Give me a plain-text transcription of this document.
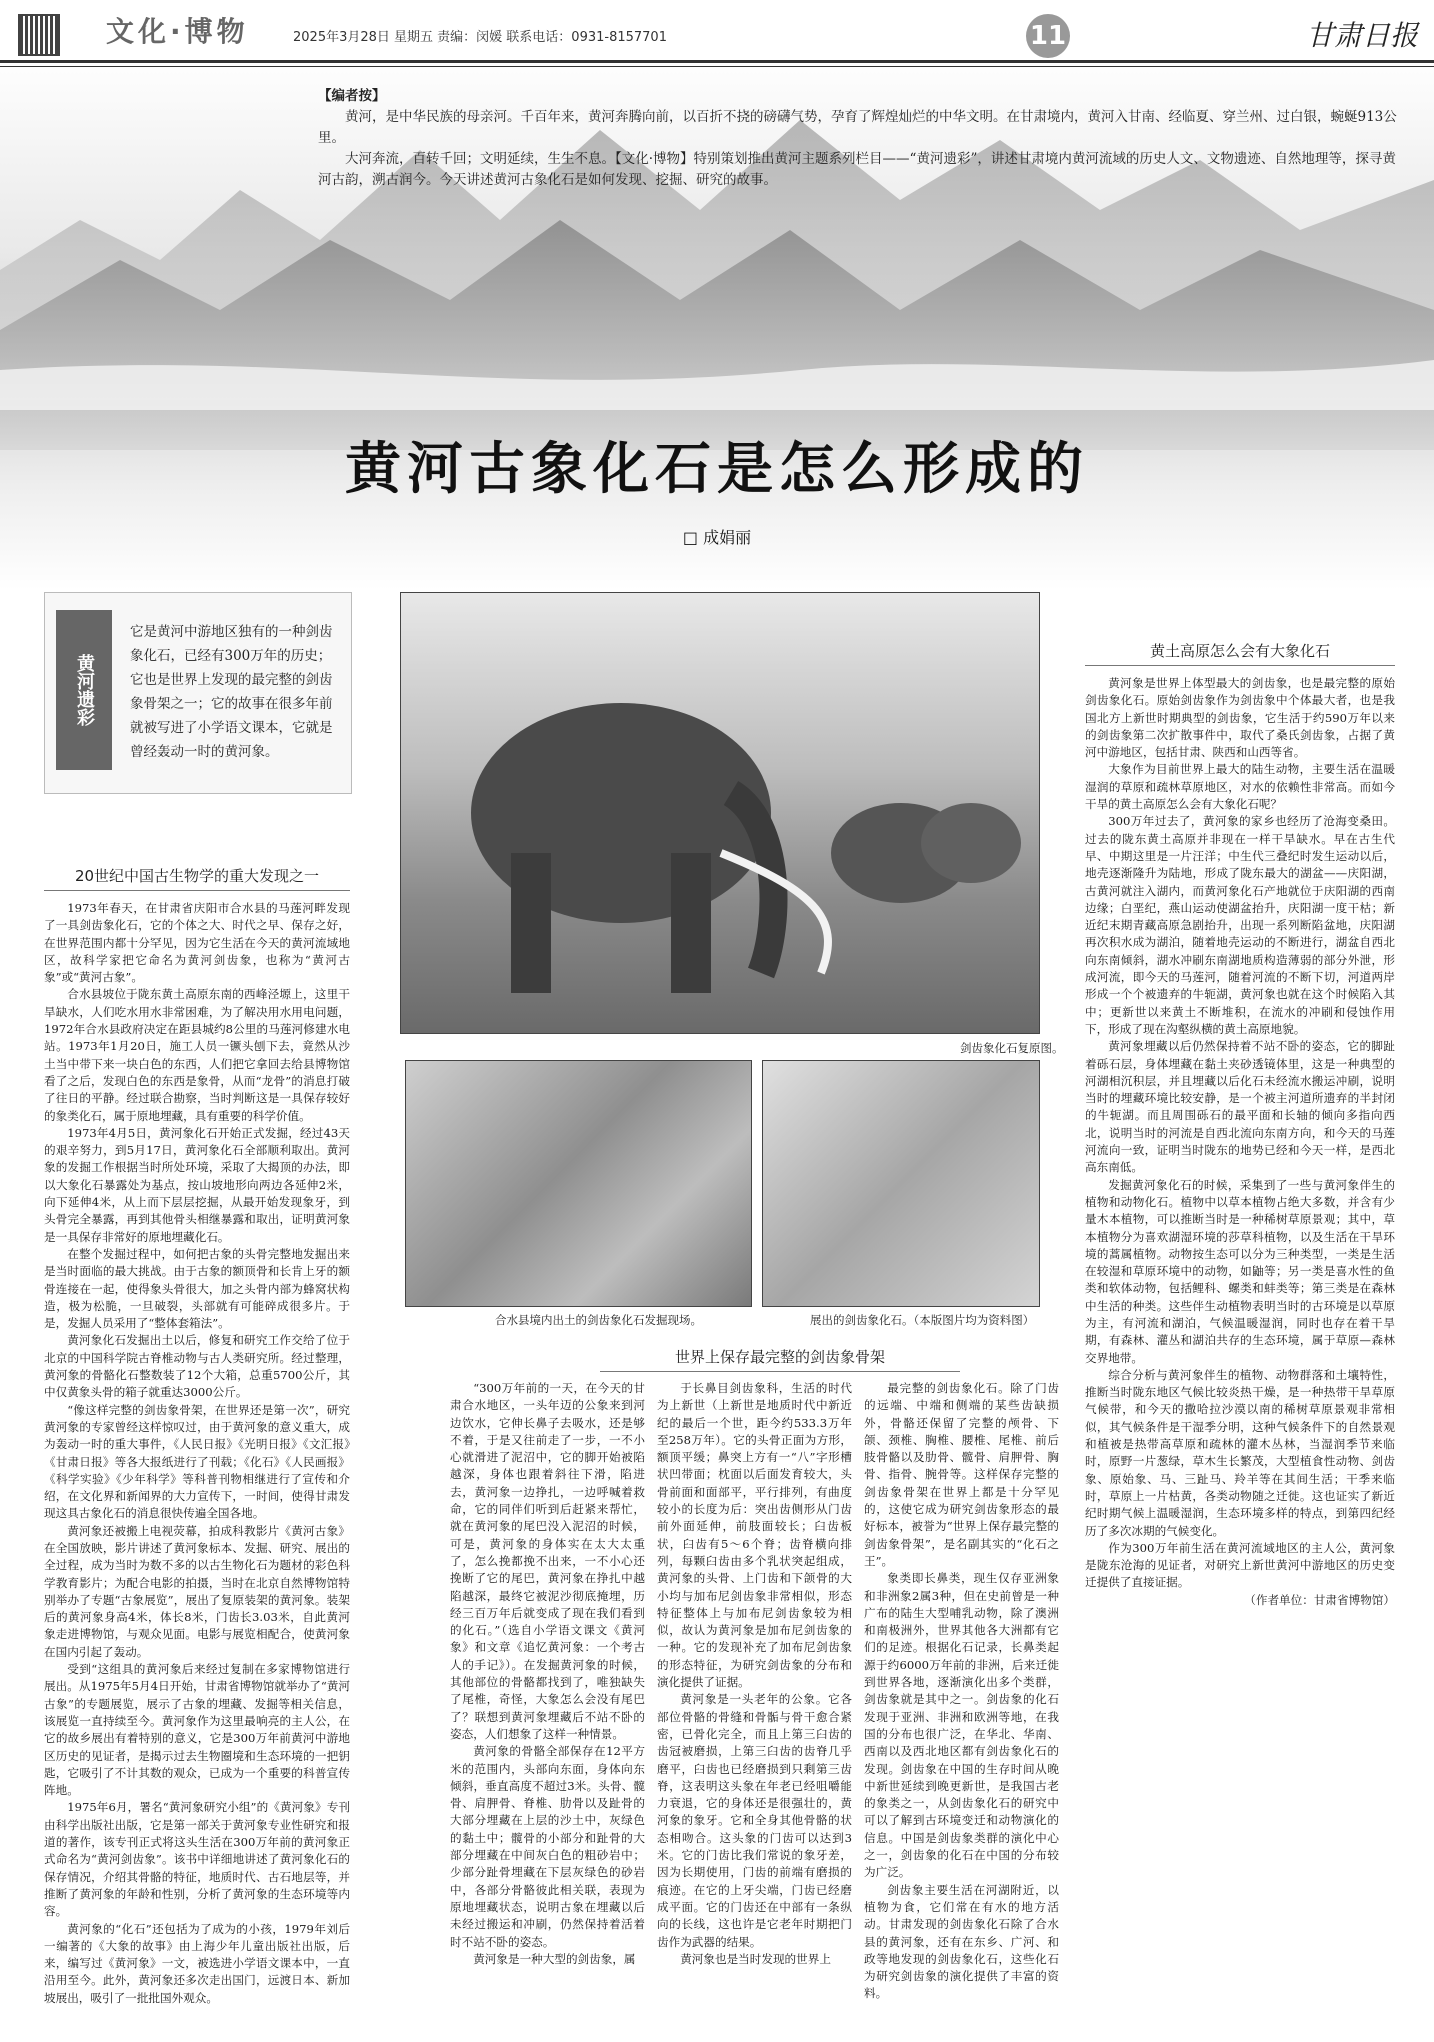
文化·博物	2025年3月28日 星期五 责编：闵媛 联系电话：0931-8157701	11	甘肃日报
【编者按】

黄河，是中华民族的母亲河。千百年来，黄河奔腾向前，以百折不挠的磅礴气势，孕育了辉煌灿烂的中华文明。在甘肃境内，黄河入甘南、经临夏、穿兰州、过白银，蜿蜒913公里。

大河奔流，百转千回；文明延续，生生不息。【文化·博物】特别策划推出黄河主题系列栏目——“黄河遗彩”，讲述甘肃境内黄河流域的历史人文、文物遗迹、自然地理等，探寻黄河古韵，溯古润今。今天讲述黄河古象化石是如何发现、挖掘、研究的故事。

黄河古象化石是怎么形成的
□ 成娟丽
黄河遗彩
它是黄河中游地区独有的一种剑齿象化石，已经有300万年的历史；它也是世界上发现的最完整的剑齿象骨架之一；它的故事在很多年前就被写进了小学语文课本，它就是曾经轰动一时的黄河象。
20世纪中国古生物学的重大发现之一

1973年春天，在甘肃省庆阳市合水县的马莲河畔发现了一具剑齿象化石，它的个体之大、时代之早、保存之好，在世界范围内都十分罕见，因为它生活在今天的黄河流域地区，故科学家把它命名为黄河剑齿象，也称为“黄河古象”或“黄河古象”。

合水县坡位于陇东黄土高原东南的西峰泾塬上，这里干旱缺水，人们吃水用水非常困难，为了解决用水用电问题，1972年合水县政府决定在距县城约8公里的马莲河修建水电站。1973年1月20日，施工人员一镢头刨下去，竟然从沙土当中带下来一块白色的东西，人们把它拿回去给县博物馆看了之后，发现白色的东西是象骨，从而“龙骨”的消息打破了往日的平静。经过联合勘察，当时判断这是一具保存较好的象类化石，属于原地埋藏，具有重要的科学价值。

1973年4月5日，黄河象化石开始正式发掘，经过43天的艰辛努力，到5月17日，黄河象化石全部顺利取出。黄河象的发掘工作根据当时所处环境，采取了大揭顶的办法，即以大象化石暴露处为基点，按山坡地形向两边各延伸2米，向下延伸4米，从上而下层层挖掘，从最开始发现象牙，到头骨完全暴露，再到其他骨头相继暴露和取出，证明黄河象是一具保存非常好的原地埋藏化石。

在整个发掘过程中，如何把古象的头骨完整地发掘出来是当时面临的最大挑战。由于古象的额顶骨和长肯上牙的额骨连接在一起，使得象头骨很大，加之头骨内部为蜂窝状构造，极为松脆，一旦破裂，头部就有可能碎成很多片。于是，发掘人员采用了“整体套箱法”。

黄河象化石发掘出土以后，修复和研究工作交给了位于北京的中国科学院古脊椎动物与古人类研究所。经过整理，黄河象的骨骼化石整数装了12个大箱，总重5700公斤，其中仅黄象头骨的箱子就重达3000公斤。

“像这样完整的剑齿象骨架，在世界还是第一次”，研究黄河象的专家曾经这样惊叹过，由于黄河象的意义重大，成为轰动一时的重大事件，《人民日报》《光明日报》《文汇报》《甘肃日报》等各大报纸进行了刊载；《化石》《人民画报》《科学实验》《少年科学》等科普刊物相继进行了宣传和介绍，在文化界和新闻界的大力宣传下，一时间，使得甘肃发现这具古象化石的消息很快传遍全国各地。

黄河象还被搬上电视荧幕，拍成科教影片《黄河古象》在全国放映，影片讲述了黄河象标本、发掘、研究、展出的全过程，成为当时为数不多的以古生物化石为题材的彩色科学教育影片；为配合电影的拍摄，当时在北京自然博物馆特别举办了专题“古象展览”，展出了复原装架的黄河象。装架后的黄河象身高4米，体长8米，门齿长3.03米，自此黄河象走进博物馆，与观众见面。电影与展览相配合，使黄河象在国内引起了轰动。

受到“这组具的黄河象后来经过复制在多家博物馆进行展出。从1975年5月4日开始，甘肃省博物馆就举办了“黄河古象”的专题展览，展示了古象的埋藏、发掘等相关信息，该展览一直持续至今。黄河象作为这里最响亮的主人公，在它的故乡展出有着特别的意义，它是300万年前黄河中游地区历史的见证者，是揭示过去生物圈境和生态环境的一把钥匙，它吸引了不计其数的观众，已成为一个重要的科普宣传阵地。

1975年6月，署名“黄河象研究小组”的《黄河象》专刊由科学出版社出版，它是第一部关于黄河象专业性研究和报道的著作，该专刊正式将这头生活在300万年前的黄河象正式命名为“黄河剑齿象”。该书中详细地讲述了黄河象化石的保存情况，介绍其骨骼的特征，地质时代、古石地层等，并推断了黄河象的年龄和性别，分析了黄河象的生态环境等内容。

黄河象的“化石”还包括为了成为的小孩，1979年刘后一编著的《大象的故事》由上海少年儿童出版社出版，后来，编写过《黄河象》一文，被选进小学语文课本中，一直沿用至今。此外，黄河象还多次走出国门，远渡日本、新加坡展出，吸引了一批批国外观众。

剑齿象化石复原图。
合水县境内出土的剑齿象化石发掘现场。	展出的剑齿象化石。（本版图片均为资料图）
世界上保存最完整的剑齿象骨架

“300万年前的一天，在今天的甘肃合水地区，一头年迈的公象来到河边饮水，它伸长鼻子去吸水，还是够不着，于是又往前走了一步，一不小心就滑进了泥沼中，它的脚开始被陷越深，身体也跟着斜往下滑，陷进去，黄河象一边挣扎，一边呼喊着救命，它的同伴们听到后赶紧来帮忙，就在黄河象的尾巴没入泥沼的时候，可是，黄河象的身体实在太大太重了，怎么挽都挽不出来，一不小心还挽断了它的尾巴，黄河象在挣扎中越陷越深，最终它被泥沙彻底掩埋，历经三百万年后就变成了现在我们看到的化石。”（选自小学语文课文《黄河象》和文章《追忆黄河象：一个考古人的手记》）。在发掘黄河象的时候，其他部位的骨骼都找到了，唯独缺失了尾椎，奇怪，大象怎么会没有尾巴了？联想到黄河象埋藏后不站不卧的姿态，人们想象了这样一种情景。

黄河象的骨骼全部保存在12平方米的范围内，头部向东面，身体向东倾斜，垂直高度不超过3米。头骨、髋骨、肩胛骨、脊椎、肋骨以及趾骨的大部分埋藏在上层的沙土中，灰绿色的黏土中；髋骨的小部分和趾骨的大部分埋藏在中间灰白色的粗砂岩中；少部分趾骨埋藏在下层灰绿色的砂岩中，各部分骨骼彼此相关联，表现为原地埋藏状态，说明古象在埋藏以后未经过搬运和冲刷，仍然保持着活着时不站不卧的姿态。

黄河象是一种大型的剑齿象，属

于长鼻目剑齿象科，生活的时代为上新世（上新世是地质时代中新近纪的最后一个世，距今约533.3万年至258万年）。它的头骨正面为方形，额顶平缓；鼻突上方有一“八”字形槽状凹带面；枕面以后面发育较大，头骨前面和面部平，平行排列，有曲度较小的长度为后：突出齿侧形从门齿前外面延伸，前肢面较长；臼齿板状，臼齿有5～6个脊；齿脊横向排列，每颗臼齿由多个乳状突起组成，黄河象的头骨、上门齿和下颌骨的大小均与加布尼剑齿象非常相似，形态特征整体上与加布尼剑齿象较为相似，故认为黄河象是加布尼剑齿象的一种。它的发现补充了加布尼剑齿象的形态特征，为研究剑齿象的分布和演化提供了证据。

黄河象是一头老年的公象。它各部位骨骼的骨缝和骨骺与骨干愈合紧密，已骨化完全，而且上第三臼齿的齿冠被磨损，上第三臼齿的齿脊几乎磨平，臼齿也已经磨损到只剩第三齿脊，这表明这头象在年老已经咀嚼能力衰退，它的身体还是很强壮的，黄河象的象牙。它和全身其他骨骼的状态相吻合。这头象的门齿可以达到3米。它的门齿比我们常说的象牙差，因为长期使用，门齿的前端有磨损的痕迹。在它的上牙尖端，门齿已经磨成平面。它的门齿还在中部有一条纵向的长线，这也许是它老年时期把门齿作为武器的结果。

黄河象也是当时发现的世界上

最完整的剑齿象化石。除了门齿的远端、中端和侧端的某些齿缺损外，骨骼还保留了完整的颅骨、下颌、颈椎、胸椎、腰椎、尾椎、前后肢骨骼以及肋骨、髋骨、肩胛骨、胸骨、指骨、腕骨等。这样保存完整的剑齿象骨架在世界上都是十分罕见的，这使它成为研究剑齿象形态的最好标本，被誉为“世界上保存最完整的剑齿象骨架”，是名副其实的“化石之王”。

象类即长鼻类，现生仅存亚洲象和非洲象2属3种，但在史前曾是一种广布的陆生大型哺乳动物，除了澳洲和南极洲外，世界其他各大洲都有它们的足迹。根据化石记录，长鼻类起源于约6000万年前的非洲，后来迁徙到世界各地，逐渐演化出多个类群，剑齿象就是其中之一。剑齿象的化石发现于亚洲、非洲和欧洲等地，在我国的分布也很广泛，在华北、华南、西南以及西北地区都有剑齿象化石的发现。剑齿象在中国的生存时间从晚中新世延续到晚更新世，是我国古老的象类之一，从剑齿象化石的研究中可以了解到古环境变迁和动物演化的信息。中国是剑齿象类群的演化中心之一，剑齿象的化石在中国的分布较为广泛。

剑齿象主要生活在河湖附近，以植物为食，它们常在有水的地方活动。甘肃发现的剑齿象化石除了合水县的黄河象，还有在东乡、广河、和政等地发现的剑齿象化石，这些化石为研究剑齿象的演化提供了丰富的资料。

黄土高原怎么会有大象化石

黄河象是世界上体型最大的剑齿象，也是最完整的原始剑齿象化石。原始剑齿象作为剑齿象中个体最大者，也是我国北方上新世时期典型的剑齿象，它生活于约590万年以来的剑齿象第二次扩散事件中，取代了桑氏剑齿象，占据了黄河中游地区，包括甘肃、陕西和山西等省。

大象作为目前世界上最大的陆生动物，主要生活在温暖湿润的草原和疏林草原地区，对水的依赖性非常高。而如今干旱的黄土高原怎么会有大象化石呢？

300万年过去了，黄河象的家乡也经历了沧海变桑田。过去的陇东黄土高原并非现在一样干旱缺水。早在古生代早、中期这里是一片汪洋；中生代三叠纪时发生运动以后，地壳逐渐隆升为陆地，形成了陇东最大的湖盆——庆阳湖，古黄河就注入湖内，而黄河象化石产地就位于庆阳湖的西南边缘；白垩纪，燕山运动使湖盆抬升，庆阳湖一度干枯；新近纪末期青藏高原急剧抬升，出现一系列断陷盆地，庆阳湖再次积水成为湖泊，随着地壳运动的不断进行，湖盆自西北向东南倾斜，湖水冲刷东南湖地质构造薄弱的部分外泄，形成河流，即今天的马莲河，随着河流的不断下切，河道两岸形成一个个被遗弃的牛轭湖，黄河象也就在这个时候陷入其中；更新世以来黄土不断堆积，在流水的冲刷和侵蚀作用下，形成了现在沟壑纵横的黄土高原地貌。

黄河象埋藏以后仍然保持着不站不卧的姿态，它的脚趾着砾石层，身体埋藏在黏土夹砂透镜体里，这是一种典型的河湖相沉积层，并且埋藏以后化石未经流水搬运冲刷，说明当时的埋藏环境比较安静，是一个被主河道所遗弃的半封闭的牛轭湖。而且周围砾石的最平面和长轴的倾向多指向西北，说明当时的河流是自西北流向东南方向，和今天的马莲河流向一致，证明当时陇东的地势已经和今天一样，是西北高东南低。

发掘黄河象化石的时候，采集到了一些与黄河象伴生的植物和动物化石。植物中以草本植物占绝大多数，并含有少量木本植物，可以推断当时是一种稀树草原景观；其中，草本植物分为喜欢湖湿环境的莎草科植物，以及生活在干旱环境的蒿属植物。动物按生态可以分为三种类型，一类是生活在较湿和草原环境中的动物，如鼬等；另一类是喜水性的鱼类和软体动物，包括鲤科、螺类和蚌类等；第三类是在森林中生活的种类。这些伴生动植物表明当时的古环境是以草原为主，有河流和湖泊，气候温暖湿润，同时也存在着干旱期，有森林、灌丛和湖泊共存的生态环境，属于草原—森林交界地带。

综合分析与黄河象伴生的植物、动物群落和土壤特性，推断当时陇东地区气候比较炎热干燥，是一种热带干旱草原气候带，和今天的撒哈拉沙漠以南的稀树草原景观非常相似，其气候条件是干湿季分明，这种气候条件下的自然景观和植被是热带高草原和疏林的灌木丛林，当湿润季节来临时，原野一片葱绿，草木生长繁茂，大型植食性动物、剑齿象、原始象、马、三趾马、羚羊等在其间生活；干季来临时，草原上一片枯黄，各类动物随之迁徙。这也证实了新近纪时期气候上温暖湿润，生态环境多样的特点，到第四纪经历了多次冰期的气候变化。

作为300万年前生活在黄河流域地区的主人公，黄河象是陇东沧海的见证者，对研究上新世黄河中游地区的历史变迁提供了直接证据。

（作者单位：甘肃省博物馆）
